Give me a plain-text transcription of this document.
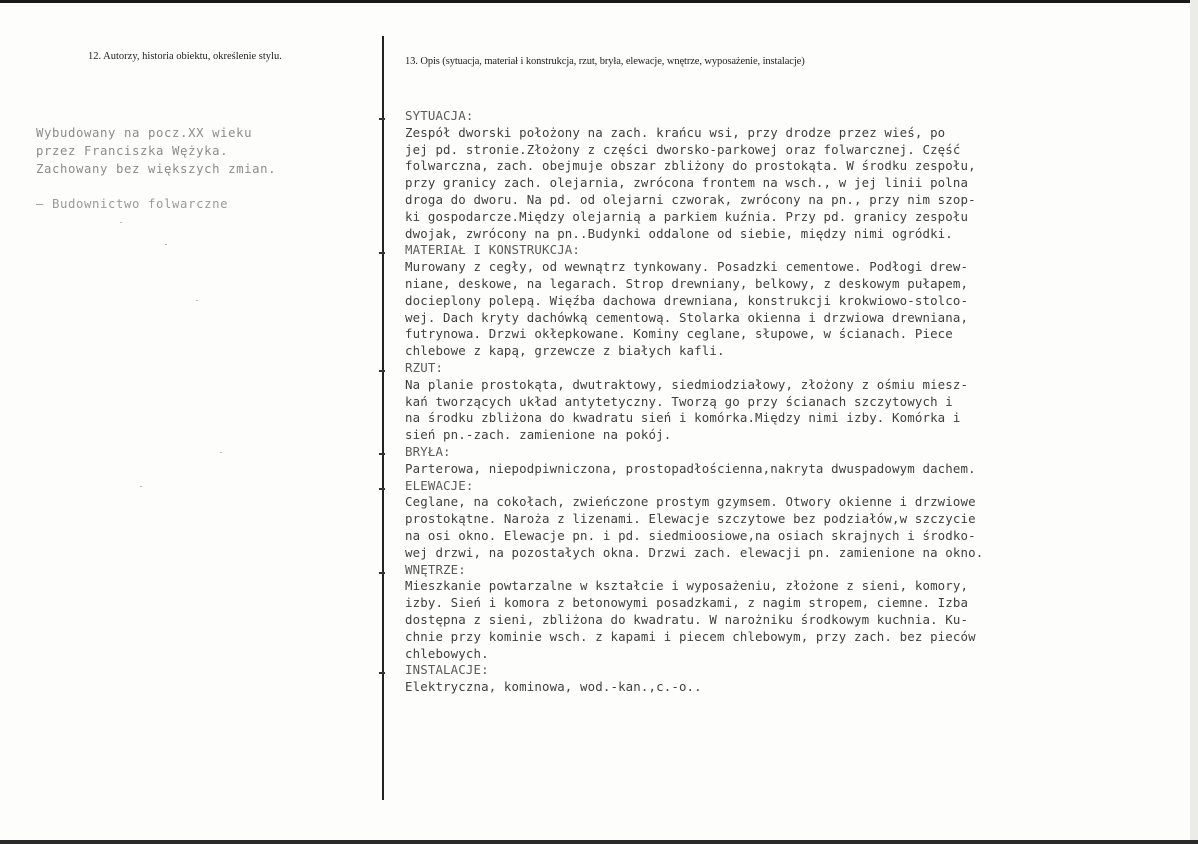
12. Autorzy, historia obiektu, określenie stylu.	13. Opis (sytuacja, materiał i konstrukcja, rzut, bryła, elewacje, wnętrze, wyposażenie, instalacje)
Wybudowany na pocz.XX wieku
przez Franciszka Wężyka.
Zachowany bez większych zmian.
– Budownictwo folwarczne
SYTUACJA:
Zespół dworski położony na zach. krańcu wsi, przy drodze przez wieś, po
jej pd. stronie.Złożony z części dworsko-parkowej oraz folwarcznej. Część
folwarczna, zach. obejmuje obszar zbliżony do prostokąta. W środku zespołu,
przy granicy zach. olejarnia, zwrócona frontem na wsch., w jej linii polna
droga do dworu. Na pd. od olejarni czworak, zwrócony na pn., przy nim szop-
ki gospodarcze.Między olejarnią a parkiem kuźnia. Przy pd. granicy zespołu
dwojak, zwrócony na pn..Budynki oddalone od siebie, między nimi ogródki.
MATERIAŁ I KONSTRUKCJA:
Murowany z cegły, od wewnątrz tynkowany. Posadzki cementowe. Podłogi drew-
niane, deskowe, na legarach. Strop drewniany, belkowy, z deskowym pułapem,
docieplony polepą. Więźba dachowa drewniana, konstrukcji krokwiowo-stolco-
wej. Dach kryty dachówką cementową. Stolarka okienna i drzwiowa drewniana,
futrynowa. Drzwi okłepkowane. Kominy ceglane, słupowe, w ścianach. Piece
chlebowe z kapą, grzewcze z białych kafli.
RZUT:
Na planie prostokąta, dwutraktowy, siedmiodziałowy, złożony z ośmiu miesz-
kań tworzących układ antytetyczny. Tworzą go przy ścianach szczytowych i
na środku zbliżona do kwadratu sień i komórka.Między nimi izby. Komórka i
sień pn.-zach. zamienione na pokój.
BRYŁA:
Parterowa, niepodpiwniczona, prostopadłościenna,nakryta dwuspadowym dachem.
ELEWACJE:
Ceglane, na cokołach, zwieńczone prostym gzymsem. Otwory okienne i drzwiowe
prostokątne. Naroża z lizenami. Elewacje szczytowe bez podziałów,w szczycie
na osi okno. Elewacje pn. i pd. siedmioosiowe,na osiach skrajnych i środko-
wej drzwi, na pozostałych okna. Drzwi zach. elewacji pn. zamienione na okno.
WNĘTRZE:
Mieszkanie powtarzalne w kształcie i wyposażeniu, złożone z sieni, komory,
izby. Sień i komora z betonowymi posadzkami, z nagim stropem, ciemne. Izba
dostępna z sieni, zbliżona do kwadratu. W narożniku środkowym kuchnia. Ku-
chnie przy kominie wsch. z kapami i piecem chlebowym, przy zach. bez pieców
chlebowych.
INSTALACJE:
Elektryczna, kominowa, wod.-kan.,c.-o..
